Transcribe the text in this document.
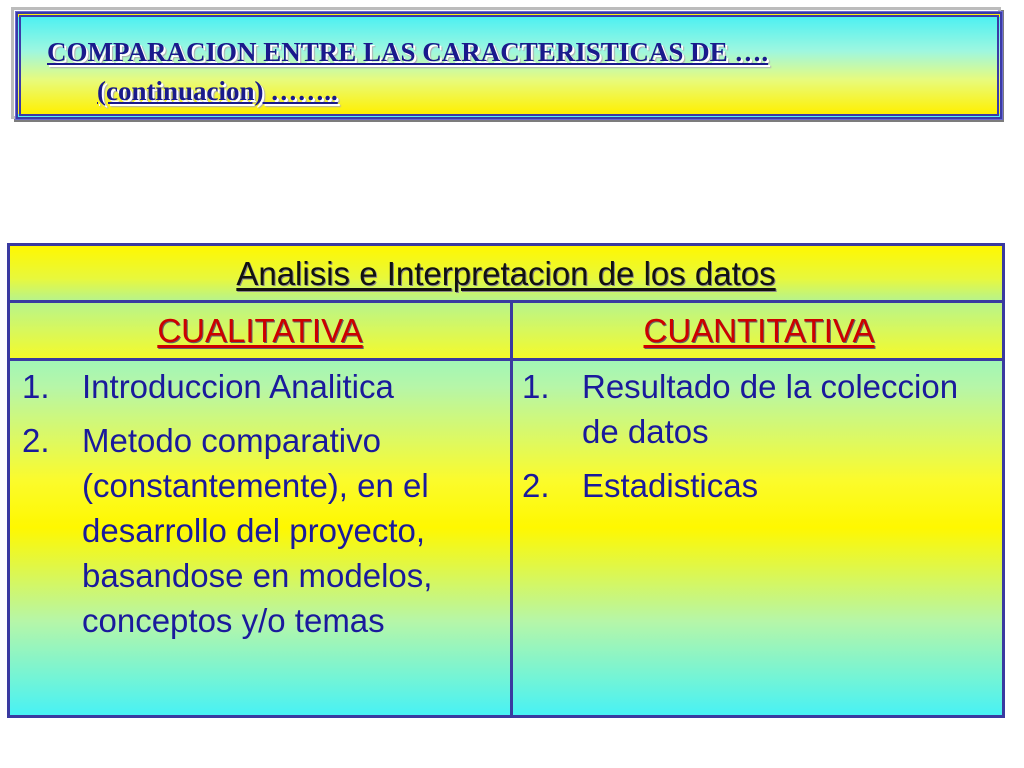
COMPARACION ENTRE LAS CARACTERISTICAS DE ….
(continuacion) ……..
Analisis e Interpretacion de los datos
CUALITATIVA	CUANTITATIVA
1. Introduccion Analitica
2. Metodo comparativo (constantemente), en el desarrollo del proyecto, basandose en modelos, conceptos y/o temas
1. Resultado de la coleccion de datos
2. Estadisticas
